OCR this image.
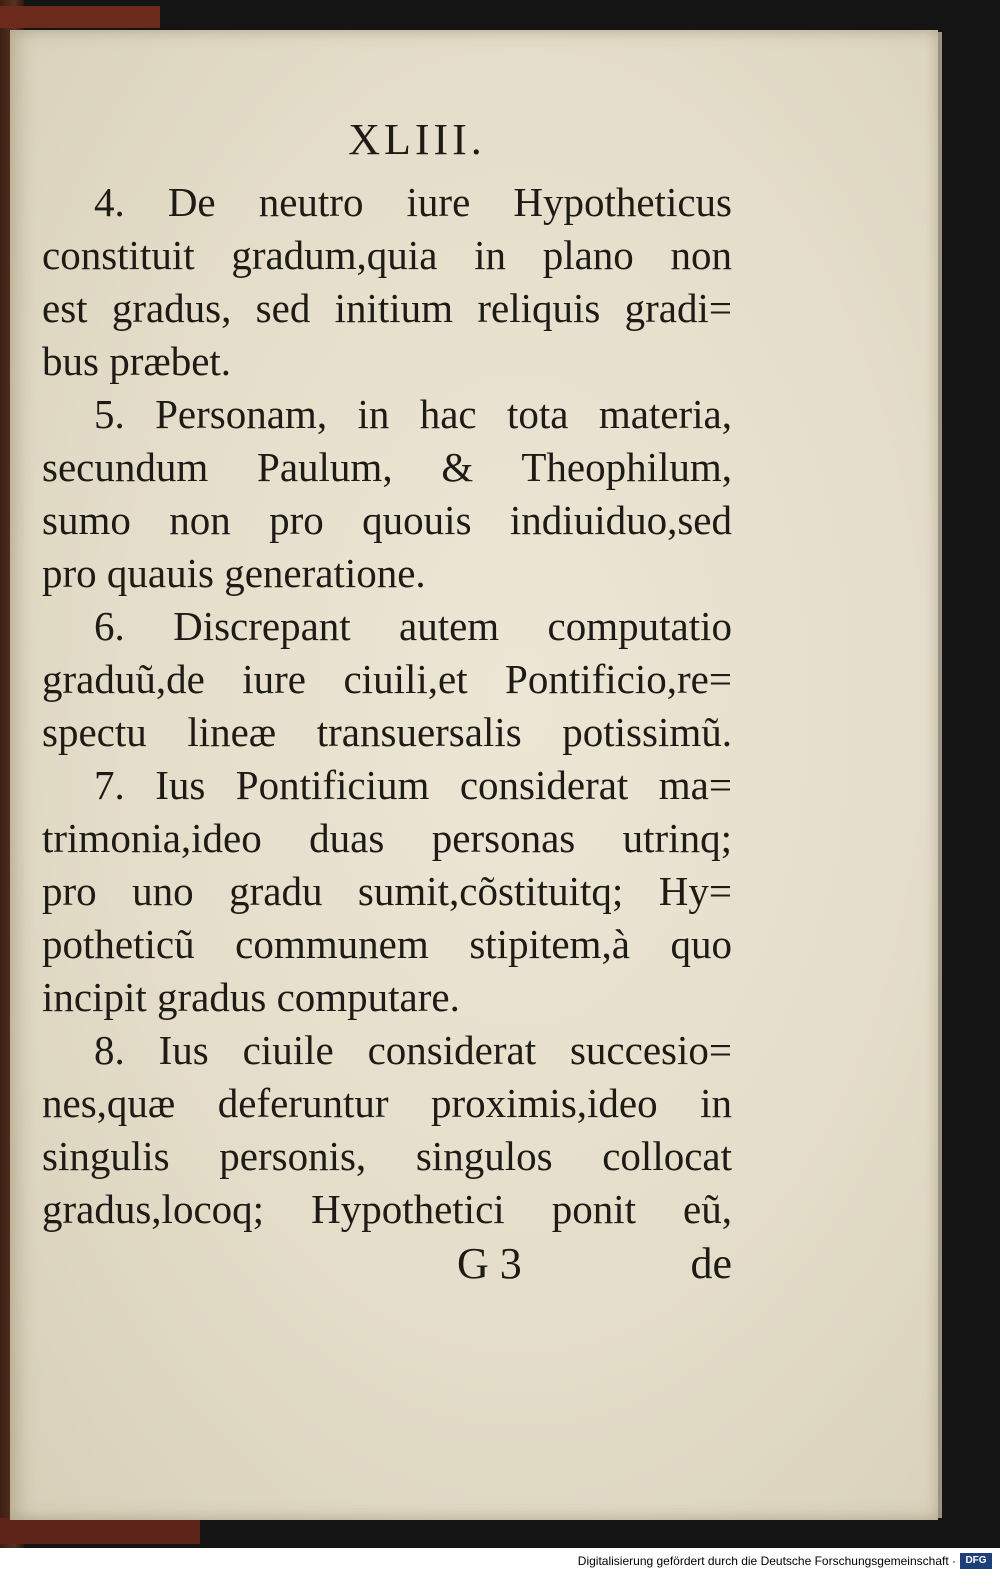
XLIII.
4. De neutro iure Hypotheticus
constituit gradum,quia in plano non
est gradus, sed initium reliquis gradi=
bus præbet.
5. Personam, in hac tota materia,
secundum Paulum, & Theophilum,
sumo non pro quouis indiuiduo,sed
pro quauis generatione.
6. Discrepant autem computatio
graduũ,de iure ciuili,et Pontificio,re=
spectu lineæ transuersalis potissimũ.
7. Ius Pontificium considerat ma=
trimonia,ideo duas personas utrinq;
pro uno gradu sumit,cõstituitq; Hy=
potheticũ communem stipitem,à quo
incipit gradus computare.
8. Ius ciuile considerat succesio=
nes,quæ deferuntur proximis,ideo in
singulis personis, singulos collocat
gradus,locoq; Hypothetici ponit eũ,
G 3	de
Digitalisierung gefördert durch die Deutsche Forschungsgemeinschaft · DFG
